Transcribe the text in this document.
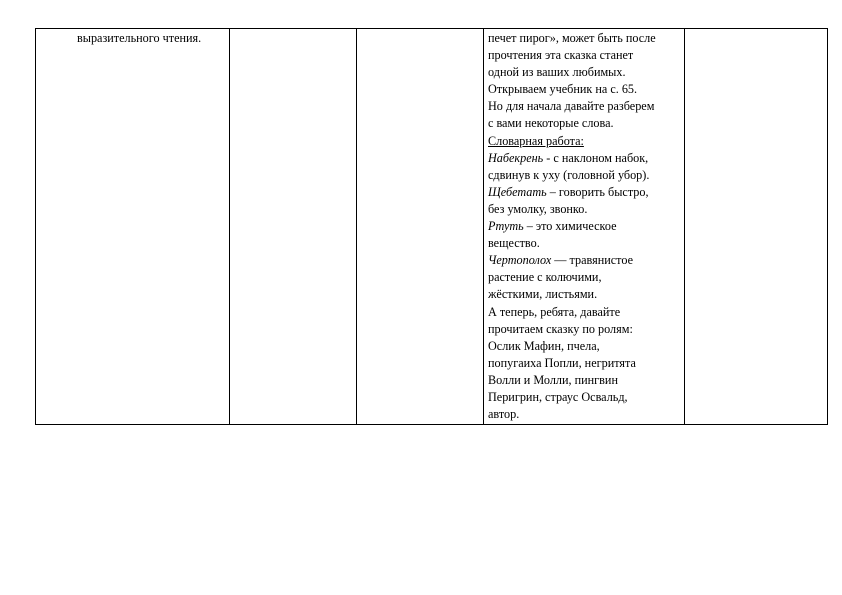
выразительного чтения.			печет пирог», может быть после
прочтения эта сказка станет
одной из ваших любимых.
Открываем учебник на с. 65.
Но для начала давайте разберем
с вами некоторые слова.
Словарная работа:
Набекрень - с наклоном набок,
сдвинув к уху (головной убор).
Щебетать – говорить быстро,
без умолку, звонко.
Ртуть – это химическое
вещество.
Чертополох — травянистое
растение с колючими,
жёсткими, листьями.
А теперь, ребята, давайте
прочитаем сказку по ролям:
Ослик Мафин, пчела,
попугаиха Попли, негритята
Волли и Молли, пингвин
Перигрин, страус Освальд,
автор.
